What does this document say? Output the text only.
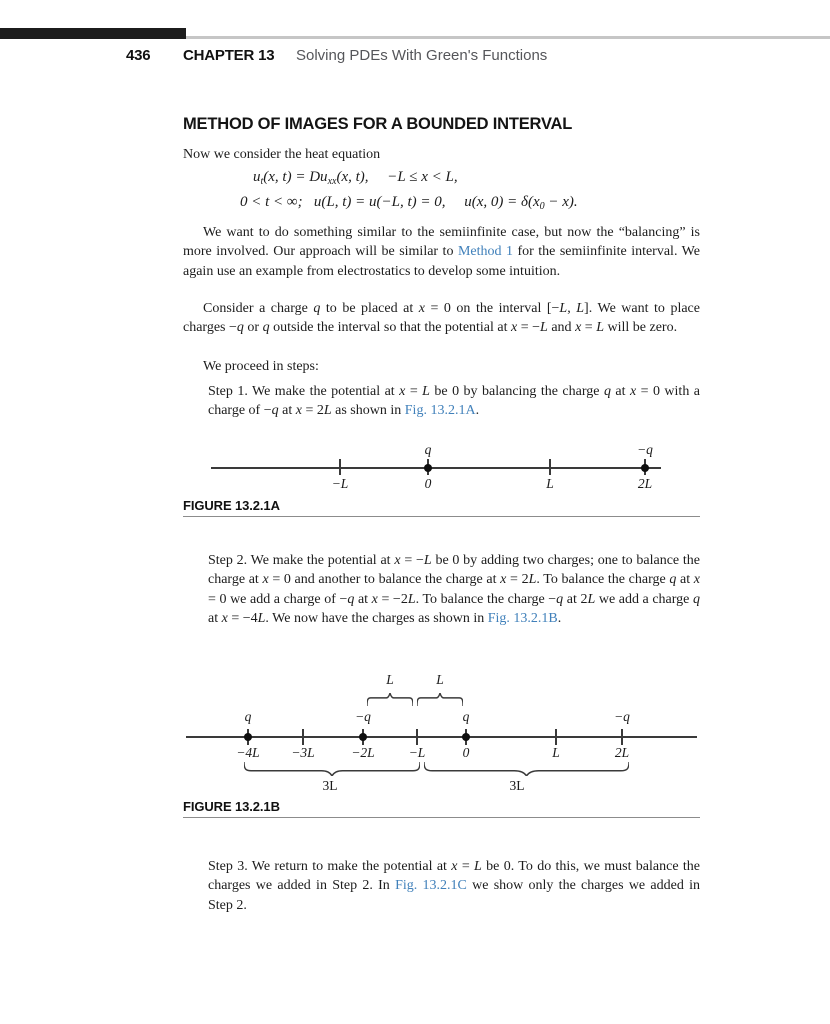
436 CHAPTER 13 Solving PDEs With Green's Functions
METHOD OF IMAGES FOR A BOUNDED INTERVAL
Now we consider the heat equation
$u_t(x$, $t) = Du_{xx}(x$, t), −L ≤ x < L,
0 < t < ∞; u(L, t) = u(−L, t) = 0, u(x, $0) = \delta(x_0 - x)$.
We want to do something similar to the semiinfinite case, but now the “balancing” is more involved. Our approach will be similar to Method 1 for the semiinfinite interval. We again use an example from electrostatics to develop some intuition.
Consider a charge q to be placed at x = 0 on the interval [−L, L]. We want to place charges −q or q outside the interval so that the potential at x = −L and x = L will be zero.
We proceed in steps:
Step 1. We make the potential at x = L be 0 by balancing the charge q at x = 0 with a charge of −q at x = 2L as shown in Fig. 13.2.1A.
q	−q
−L	0	L	2L
FIGURE 13.2.1A
Step 2. We make the potential at x = −L be 0 by adding two charges; one to balance the charge at x = 0 and another to balance the charge at x = 2L. To balance the charge q at x = 0 we add a charge of −q at x = −2L. To balance the charge −q at 2L we add a charge q at x = −4L. We now have the charges as shown in Fig. 13.2.1B.
L	L
q	−q	q	−q
−4L	−3L	−2L	−L	0	L	2L
3L	3L
FIGURE 13.2.1B
Step 3. We return to make the potential at x = L be 0. To do this, we must balance the charges we added in Step 2. In Fig. 13.2.1C we show only the charges we added in Step 2.
